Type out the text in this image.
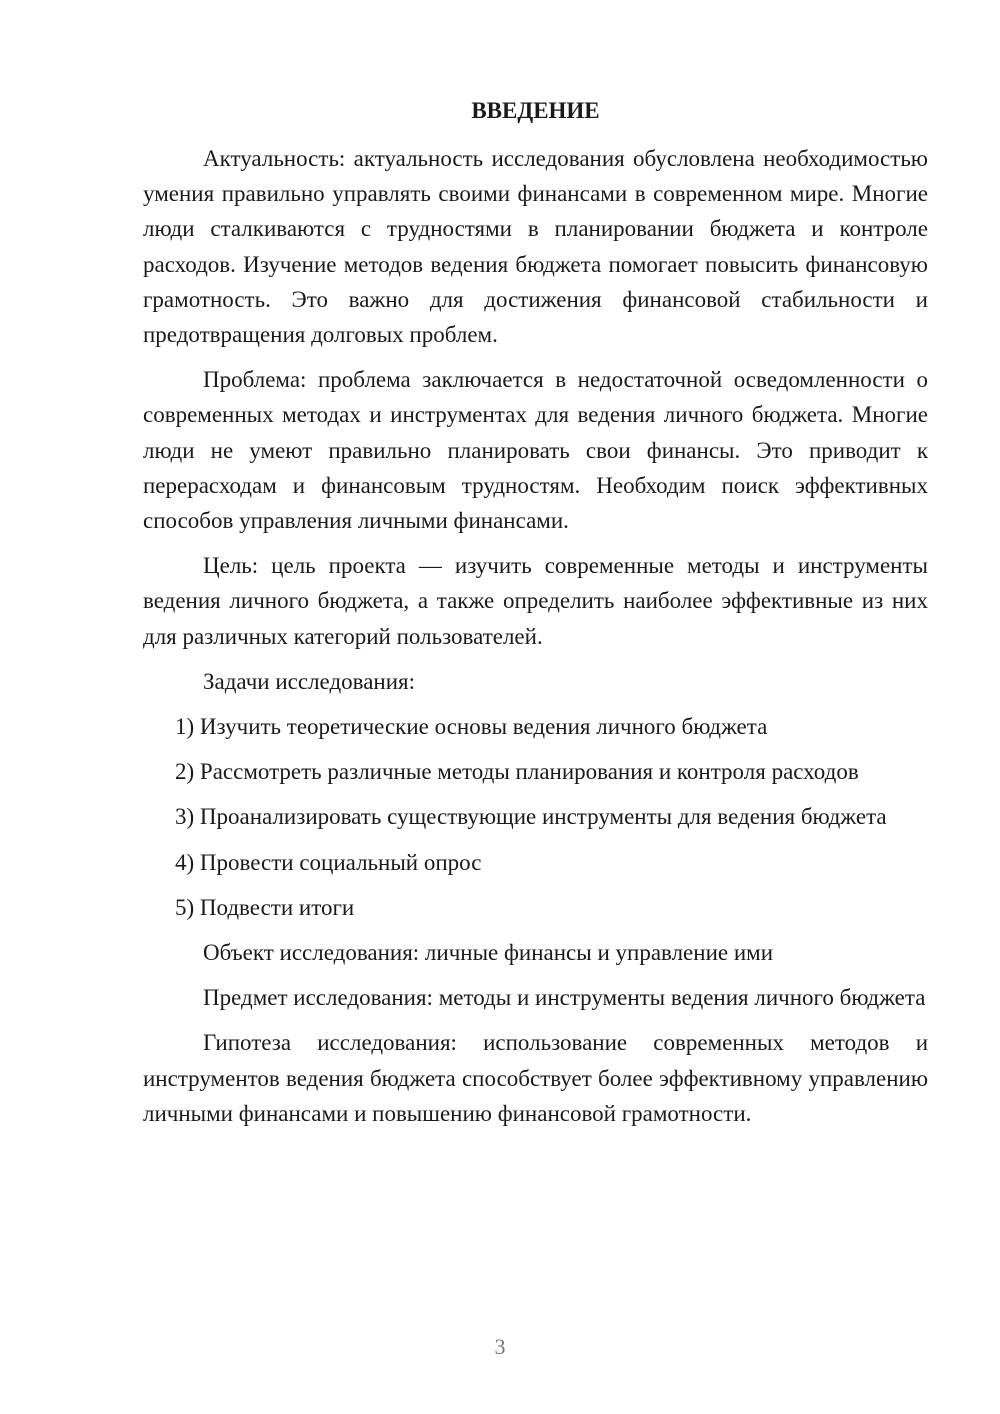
ВВЕДЕНИЕ

Актуальность: актуальность исследования обусловлена необходимостью умения правильно управлять своими финансами в современном мире. Многие люди сталкиваются с трудностями в планировании бюджета и контроле расходов. Изучение методов ведения бюджета помогает повысить финансовую грамотность. Это важно для достижения финансовой стабильности и предотвращения долговых проблем.

Проблема: проблема заключается в недостаточной осведомленности о современных методах и инструментах для ведения личного бюджета. Многие люди не умеют правильно планировать свои финансы. Это приводит к перерасходам и финансовым трудностям. Необходим поиск эффективных способов управления личными финансами.

Цель: цель проекта — изучить современные методы и инструменты ведения личного бюджета, а также определить наиболее эффективные из них для различных категорий пользователей.

Задачи исследования:

1) Изучить теоретические основы ведения личного бюджета

2) Рассмотреть различные методы планирования и контроля расходов

3) Проанализировать существующие инструменты для ведения бюджета

4) Провести социальный опрос

5) Подвести итоги

Объект исследования: личные финансы и управление ими

Предмет исследования: методы и инструменты ведения личного бюджета

Гипотеза исследования: использование современных методов и инструментов ведения бюджета способствует более эффективному управлению личными финансами и повышению финансовой грамотности.

3
